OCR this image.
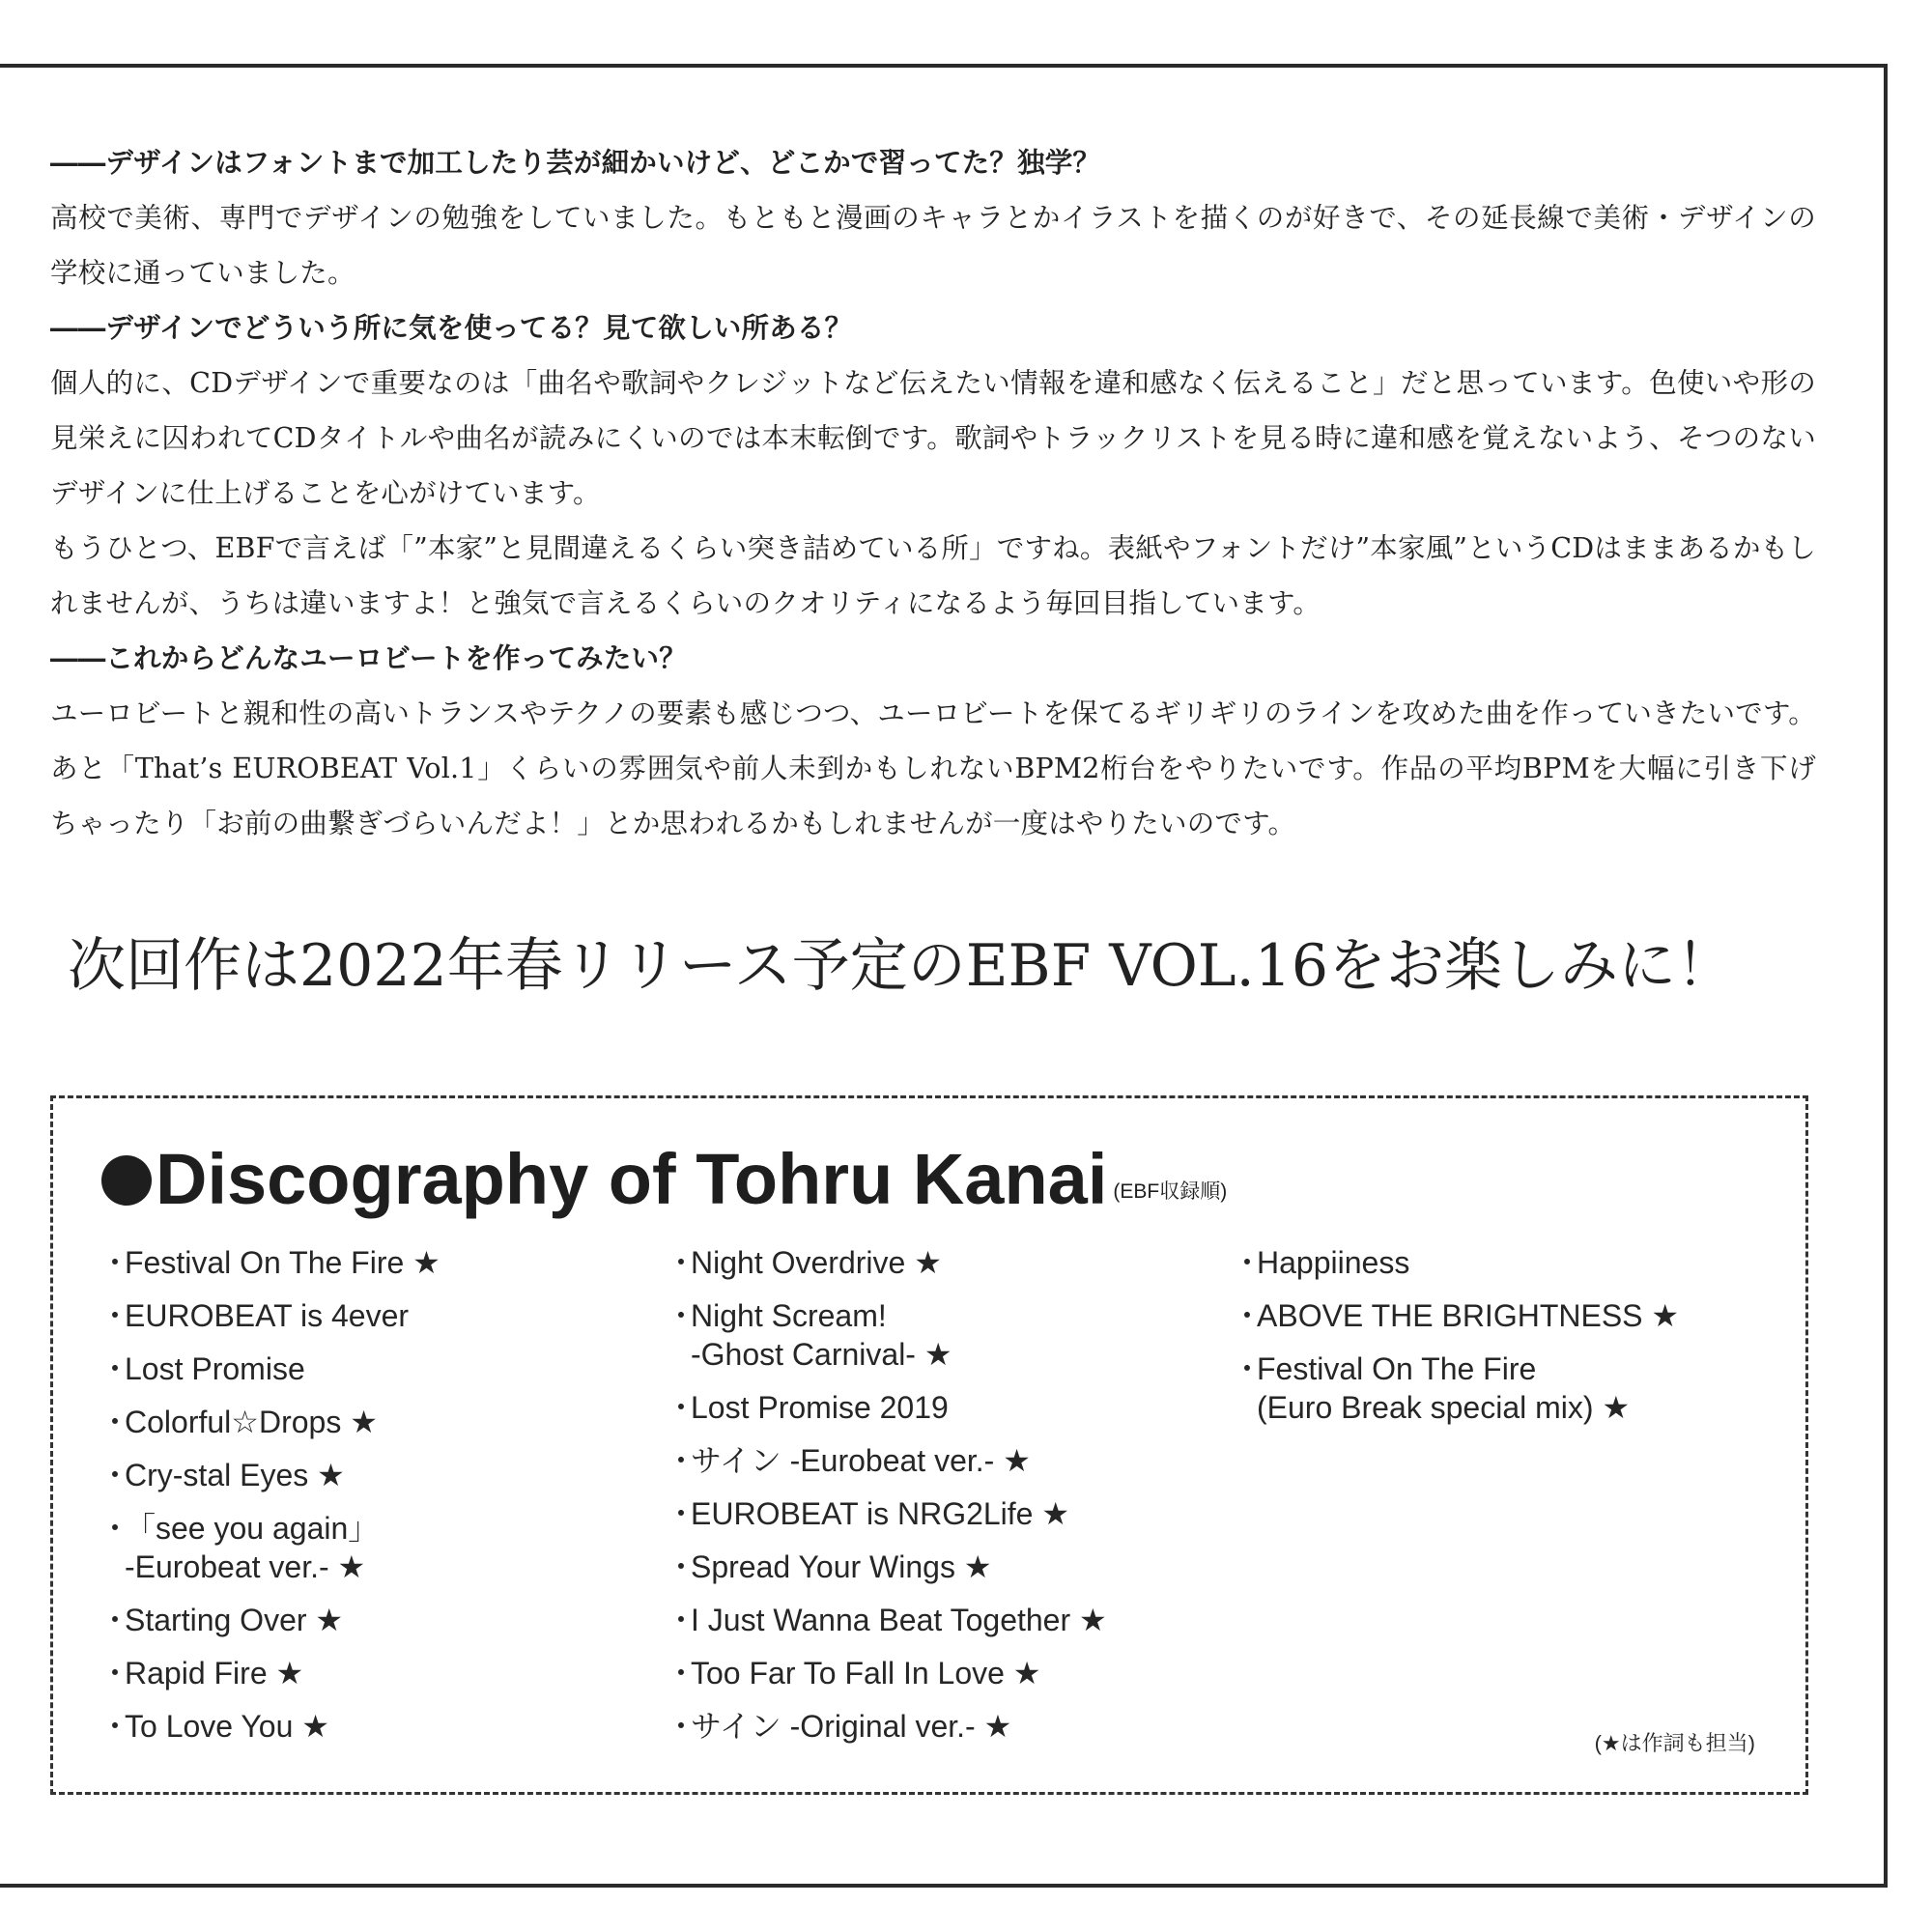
――デザインはフォントまで加工したり芸が細かいけど、どこかで習ってた？独学？

高校で美術、専門でデザインの勉強をしていました。もともと漫画のキャラとかイラストを描くのが好きで、その延長線で美術・デザインの学校に通っていました。

――デザインでどういう所に気を使ってる？見て欲しい所ある？

個人的に、CDデザインで重要なのは「曲名や歌詞やクレジットなど伝えたい情報を違和感なく伝えること」だと思っています。色使いや形の見栄えに囚われてCDタイトルや曲名が読みにくいのでは本末転倒です。歌詞やトラックリストを見る時に違和感を覚えないよう、そつのないデザインに仕上げることを心がけています。

もうひとつ、EBFで言えば「”本家”と見間違えるくらい突き詰めている所」ですね。表紙やフォントだけ”本家風”というCDはままあるかもしれませんが、うちは違いますよ！と強気で言えるくらいのクオリティになるよう毎回目指しています。

――これからどんなユーロビートを作ってみたい？

ユーロビートと親和性の高いトランスやテクノの要素も感じつつ、ユーロビートを保てるギリギリのラインを攻めた曲を作っていきたいです。あと「That’s EUROBEAT Vol.1」くらいの雰囲気や前人未到かもしれないBPM2桁台をやりたいです。作品の平均BPMを大幅に引き下げちゃったり「お前の曲繋ぎづらいんだよ！」とか思われるかもしれませんが一度はやりたいのです。

次回作は2022年春リリース予定のEBF VOL.16をお楽しみに！
Discography of Tohru Kanai (EBF収録順)
・ Festival On The Fire ★
・ EUROBEAT is 4ever
・ Lost Promise
・ Colorful☆Drops ★
・ Cry-stal Eyes ★
・ 「see you again」
-Eurobeat ver.- ★
・ Starting Over ★
・ Rapid Fire ★
・ To Love You ★
・ Night Overdrive ★
・ Night Scream!
-Ghost Carnival- ★
・ Lost Promise 2019
・ サイン -Eurobeat ver.- ★
・ EUROBEAT is NRG2Life ★
・ Spread Your Wings ★
・ I Just Wanna Beat Together ★
・ Too Far To Fall In Love ★
・ サイン -Original ver.- ★
・ Happiiness
・ ABOVE THE BRIGHTNESS ★
・ Festival On The Fire
(Euro Break special mix) ★
(★は作詞も担当)
